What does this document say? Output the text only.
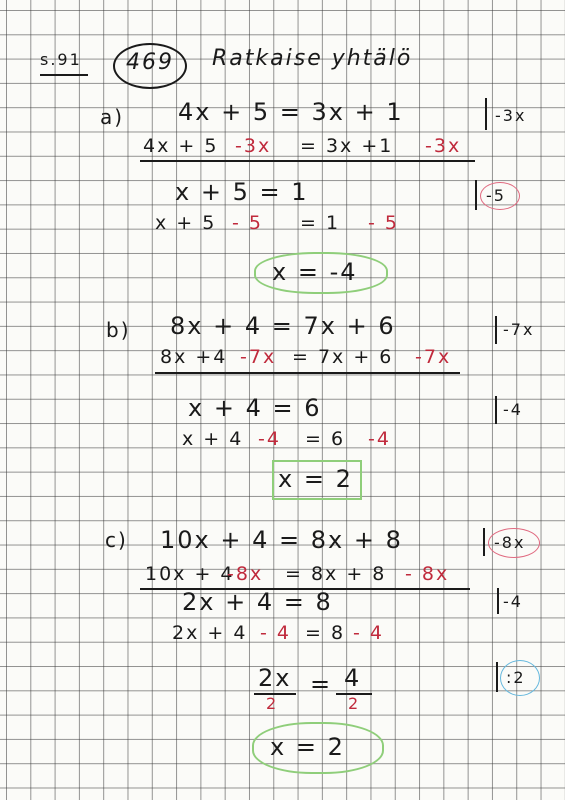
s.91 469 Ratkaise yhtälö
a) 4x + 5 = 3x + 1	-3x
4x + 5 -3x = 3x +1 -3x
x + 5 = 1	-5
x + 5 - 5 = 1 - 5
x = -4
b) 8x + 4 = 7x + 6	-7x
8x +4 -7x = 7x + 6 -7x
x + 4 = 6	-4
x + 4 -4 = 6 -4
x = 2
c) 10x + 4 = 8x + 8	-8x
10x + 4
-8x = 8x + 8 - 8x
2x + 4 = 8	-4
2x + 4 - 4 = 8 - 4
2x
2
= 4
2
:2
x = 2
